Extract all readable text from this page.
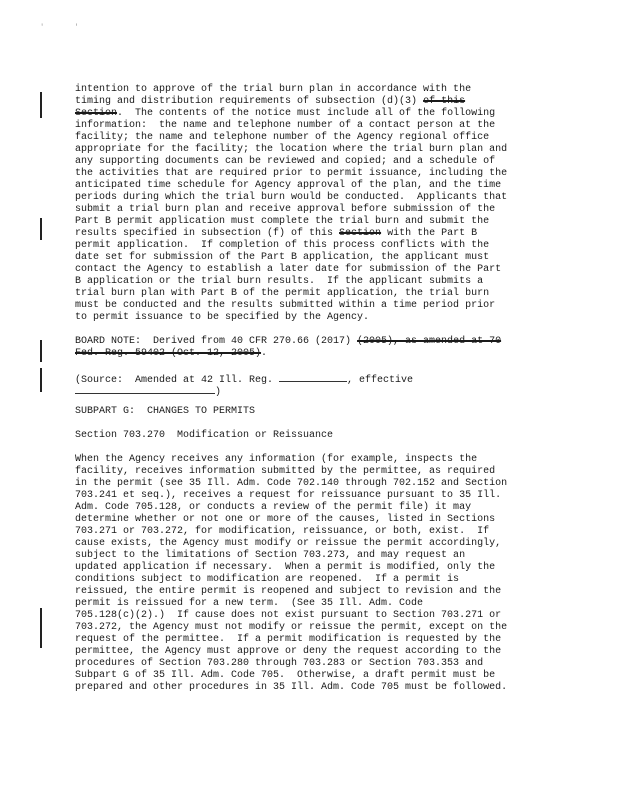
'	'
intention to approve of the trial burn plan in accordance with the
timing and distribution requirements of subsection (d)(3) of this
Section.  The contents of the notice must include all of the following
information:  the name and telephone number of a contact person at the
facility; the name and telephone number of the Agency regional office
appropriate for the facility; the location where the trial burn plan and
any supporting documents can be reviewed and copied; and a schedule of
the activities that are required prior to permit issuance, including the
anticipated time schedule for Agency approval of the plan, and the time
periods during which the trial burn would be conducted.  Applicants that
submit a trial burn plan and receive approval before submission of the
Part B permit application must complete the trial burn and submit the
results specified in subsection (f) of this Section with the Part B
permit application.  If completion of this process conflicts with the
date set for submission of the Part B application, the applicant must
contact the Agency to establish a later date for submission of the Part
B application or the trial burn results.  If the applicant submits a
trial burn plan with Part B of the permit application, the trial burn
must be conducted and the results submitted within a time period prior
to permit issuance to be specified by the Agency.
BOARD NOTE:  Derived from 40 CFR 270.66 (2017) (2005), as amended at 70
Fed. Reg. 59402 (Oct. 12, 2005).
(Source:  Amended at 42 Ill. Reg.	, effective
)
SUBPART G:  CHANGES TO PERMITS
Section 703.270  Modification or Reissuance
When the Agency receives any information (for example, inspects the
facility, receives information submitted by the permittee, as required
in the permit (see 35 Ill. Adm. Code 702.140 through 702.152 and Section
703.241 et seq.), receives a request for reissuance pursuant to 35 Ill.
Adm. Code 705.128, or conducts a review of the permit file) it may
determine whether or not one or more of the causes, listed in Sections
703.271 or 703.272, for modification, reissuance, or both, exist.  If
cause exists, the Agency must modify or reissue the permit accordingly,
subject to the limitations of Section 703.273, and may request an
updated application if necessary.  When a permit is modified, only the
conditions subject to modification are reopened.  If a permit is
reissued, the entire permit is reopened and subject to revision and the
permit is reissued for a new term.  (See 35 Ill. Adm. Code
705.128(c)(2).)  If cause does not exist pursuant to Section 703.271 or
703.272, the Agency must not modify or reissue the permit, except on the
request of the permittee.  If a permit modification is requested by the
permittee, the Agency must approve or deny the request according to the
procedures of Section 703.280 through 703.283 or Section 703.353 and
Subpart G of 35 Ill. Adm. Code 705.  Otherwise, a draft permit must be
prepared and other procedures in 35 Ill. Adm. Code 705 must be followed.
